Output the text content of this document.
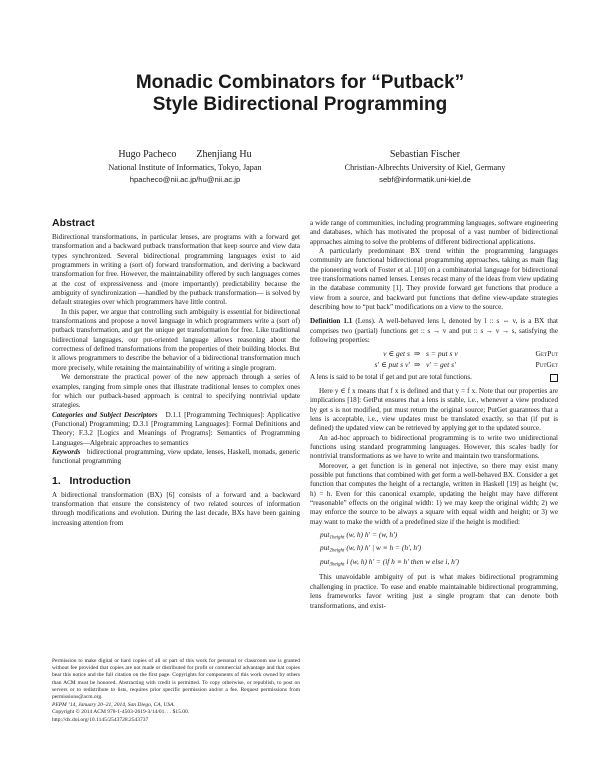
Monadic Combinators for “Putback”
Style Bidirectional Programming
Hugo Pacheco        Zhenjiang Hu
National Institute of Informatics, Tokyo, Japan
hpacheco@nii.ac.jp/hu@nii.ac.jp
Sebastian Fischer
Christian-Albrechts University of Kiel, Germany
sebf@informatik.uni-kiel.de
Abstract

Bidirectional transformations, in particular lenses, are programs with a forward get transformation and a backward putback transformation that keep source and view data types synchronized. Several bidirectional programming languages exist to aid programmers in writing a (sort of) forward transformation, and deriving a backward transformation for free. However, the maintainability offered by such languages comes at the cost of expressiveness and (more importantly) predictability because the ambiguity of synchronization —handled by the putback transformation— is solved by default strategies over which programmers have little control.

In this paper, we argue that controlling such ambiguity is essential for bidirectional transformations and propose a novel language in which programmers write a (sort of) putback transformation, and get the unique get transformation for free. Like traditional bidirectional languages, our put-oriented language allows reasoning about the correctness of defined transformations from the properties of their building blocks. But it allows programmers to describe the behavior of a bidirectional transformation much more precisely, while retaining the maintainability of writing a single program.

We demonstrate the practical power of the new approach through a series of examples, ranging from simple ones that illustrate traditional lenses to complex ones for which our putback-based approach is central to specifying nontrivial update strategies.

Categories and Subject Descriptors D.1.1 [Programming Techniques]: Applicative (Functional) Programming; D.3.1 [Programming Languages]: Formal Definitions and Theory; F.3.2 [Logics and Meanings of Programs]: Semantics of Programming Languages—Algebraic approaches to semantics

Keywords bidirectional programming, view update, lenses, Haskell, monads, generic functional programming

1.   Introduction

A bidirectional transformation (BX) [6] consists of a forward and a backward transformation that ensure the consistency of two related sources of information through modifications and evolution. During the last decade, BXs have been gaining increasing attention from

Permission to make digital or hard copies of all or part of this work for personal or classroom use is granted without fee provided that copies are not made or distributed for profit or commercial advantage and that copies bear this notice and the full citation on the first page. Copyrights for components of this work owned by others than ACM must be honored. Abstracting with credit is permitted. To copy otherwise, or republish, to post on servers or to redistribute to lists, requires prior specific permission and/or a fee. Request permissions from permissions@acm.org.
PEPM ’14, January 20–21, 2014, San Diego, CA, USA.
Copyright © 2014 ACM 978-1-4503-2619-3/14/01. . . $15.00.
http://dx.doi.org/10.1145/2543728.2543737

a wide range of communities, including programming languages, software engineering and databases, which has motivated the proposal of a vast number of bidirectional approaches aiming to solve the problems of different bidirectional applications.

A particularly predominant BX trend within the programming languages community are functional bidirectional programming approaches, taking as main flag the pioneering work of Foster et al. [10] on a combinatorial language for bidirectional tree transformations named lenses. Lenses recast many of the ideas from view updating in the database community [1]. They provide forward get functions that produce a view from a source, and backward put functions that define view-update strategies describing how to “put back” modifications on a view to the source.

Definition 1.1 (Lens). A well-behaved lens l, denoted by l :: s ⇔ v, is a BX that comprises two (partial) functions get :: s → v and put :: s → v → s, satisfying the following properties:

v ∈ get s ⇒   s = put s v	GetPut
s′ ∈ put s v′ ⇒   v′ = get s′	PutGet

A lens is said to be total if get and put are total functions.

Here y ∈ f x means that f x is defined and that y = f x. Note that our properties are implications [18]: GetPut ensures that a lens is stable, i.e., whenever a view produced by get s is not modified, put must return the original source; PutGet guarantees that a lens is acceptable, i.e., view updates must be translated exactly, so that (if put is defined) the updated view can be retrieved by applying get to the updated source.

An ad-hoc approach to bidirectional programming is to write two unidirectional functions using standard programming languages. However, this scales badly for nontrivial transformations as we have to write and maintain two transformations.

Moreover, a get function is in general not injective, so there may exist many possible put functions that combined with get form a well-behaved BX. Consider a get function that computes the height of a rectangle, written in Haskell [19] as height (w, h) = h. Even for this canonical example, updating the height may have different “reasonable” effects on the original width: 1) we may keep the original width; 2) we may enforce the source to be always a square with equal width and height; or 3) we may want to make the width of a predefined size if the height is modified:

put$_{1height}$ (w, h) h′ = (w, h′)
put$_{2height}$ (w, h) h′ | w ≡ h = (h′, h′)
put$_{3height}$ i (w, h) h′ = (if h ≡ h′ then w else i, h′)

This unavoidable ambiguity of put is what makes bidirectional programming challenging in practice. To ease and enable maintainable bidirectional programming, lens frameworks favor writing just a single program that can denote both transformations, and exist-
